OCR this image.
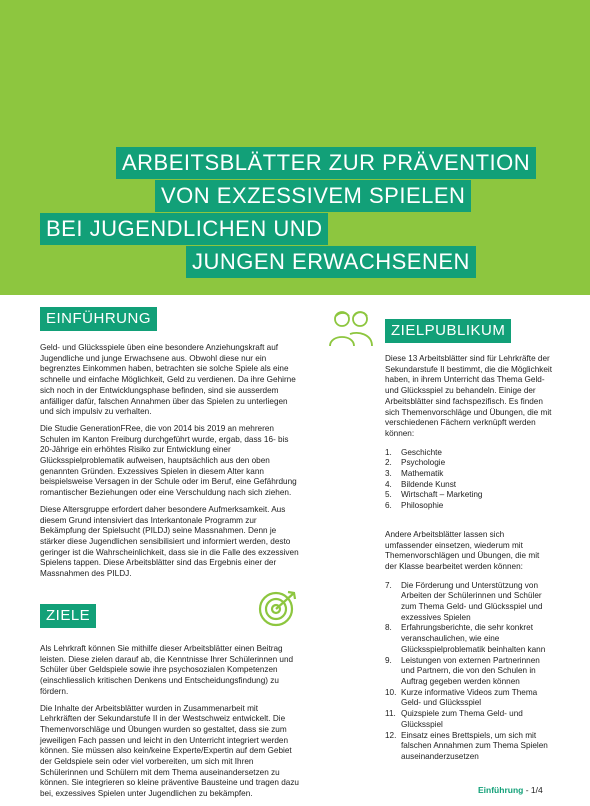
ARBEITSBLÄTTER ZUR PRÄVENTION
VON EXZESSIVEM SPIELEN
BEI JUGENDLICHEN UND
JUNGEN ERWACHSENEN
EINFÜHRUNG

Geld- und Glücksspiele üben eine besondere Anziehungskraft auf Jugendliche und junge Erwachsene aus. Obwohl diese nur ein begrenztes Einkommen haben, betrachten sie solche Spiele als eine schnelle und einfache Möglichkeit, Geld zu verdienen. Da ihre Gehirne sich noch in der Entwicklungsphase befinden, sind sie ausserdem anfälliger dafür, falschen Annahmen über das Spielen zu unterliegen und sich impulsiv zu verhalten.

Die Studie GenerationFRee, die von 2014 bis 2019 an mehreren Schulen im Kanton Freiburg durchgeführt wurde, ergab, dass 16- bis 20-Jährige ein erhöhtes Risiko zur Entwicklung einer Glücksspielproblematik aufweisen, hauptsächlich aus den oben genannten Gründen. Exzessives Spielen in diesem Alter kann beispielsweise Versagen in der Schule oder im Beruf, eine Gefährdung romantischer Beziehungen oder eine Verschuldung nach sich ziehen.

Diese Altersgruppe erfordert daher besondere Aufmerksamkeit. Aus diesem Grund intensiviert das Interkantonale Programm zur Bekämpfung der Spielsucht (PILDJ) seine Massnahmen. Denn je stärker diese Jugendlichen sensibilisiert und informiert werden, desto geringer ist die Wahrscheinlichkeit, dass sie in die Falle des exzessiven Spielens tappen. Diese Arbeitsblätter sind das Ergebnis einer der Massnahmen des PILDJ.

ZIELE

Als Lehrkraft können Sie mithilfe dieser Arbeitsblätter einen Beitrag leisten. Diese zielen darauf ab, die Kenntnisse Ihrer Schülerinnen und Schüler über Geldspiele sowie ihre psychosozialen Kompetenzen (einschliesslich kritischen Denkens und Entscheidungsfindung) zu fördern.

Die Inhalte der Arbeitsblätter wurden in Zusammenarbeit mit Lehrkräften der Sekundarstufe II in der Westschweiz entwickelt. Die Themenvorschläge und Übungen wurden so gestaltet, dass sie zum jeweiligen Fach passen und leicht in den Unterricht integriert werden können. Sie müssen also kein/keine Experte/Expertin auf dem Gebiet der Geldspiele sein oder viel vorbereiten, um sich mit Ihren Schülerinnen und Schülern mit dem Thema auseinandersetzen zu können. Sie integrieren so kleine präventive Bausteine und tragen dazu bei, exzessives Spielen unter Jugendlichen zu bekämpfen.

ZIELPUBLIKUM

Diese 13 Arbeitsblätter sind für Lehrkräfte der Sekundarstufe II bestimmt, die die Möglichkeit haben, in ihrem Unterricht das Thema Geld- und Glücksspiel zu behandeln. Einige der Arbeitsblätter sind fachspezifisch. Es finden sich Themenvorschläge und Übungen, die mit verschiedenen Fächern verknüpft werden können:

1.	Geschichte
2.	Psychologie
3.	Mathematik
4.	Bildende Kunst
5.	Wirtschaft – Marketing
6.	Philosophie

Andere Arbeitsblätter lassen sich umfassender einsetzen, wiederum mit Themenvorschlägen und Übungen, die mit der Klasse bearbeitet werden können:

7.	Die Förderung und Unterstützung von Arbeiten der Schülerinnen und Schüler zum Thema Geld- und Glücksspiel und exzessives Spielen
8.	Erfahrungsberichte, die sehr konkret veranschaulichen, wie eine Glücksspielproblematik beinhalten kann
9.	Leistungen von externen Partnerinnen und Partnern, die von den Schulen in Auftrag gegeben werden können
10. Kurze informative Videos zum Thema Geld- und Glücksspiel
11. Quizspiele zum Thema Geld- und Glücksspiel
12. Einsatz eines Brettspiels, um sich mit falschen Annahmen zum Thema Spielen auseinanderzusetzen
Einführung - 1/4
